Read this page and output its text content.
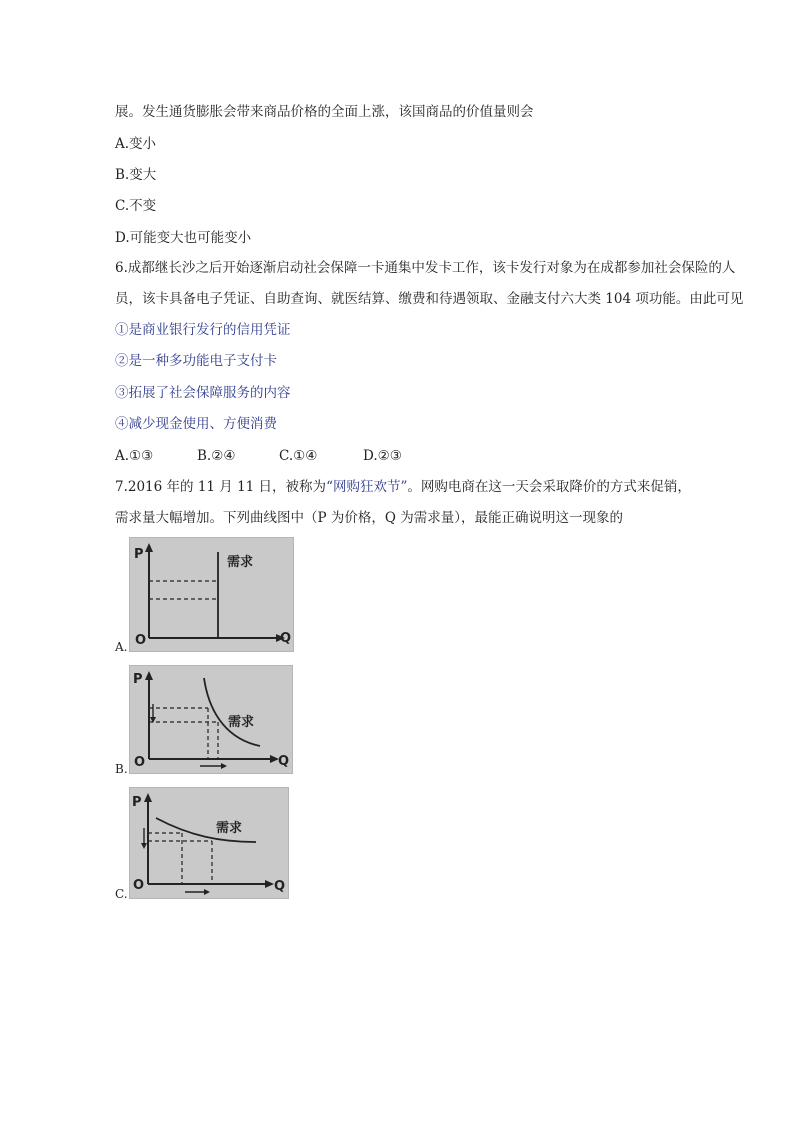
展。发生通货膨胀会带来商品价格的全面上涨，该国商品的价值量则会
A.变小
B.变大
C.不变
D.可能变大也可能变小
6.成都继长沙之后开始逐渐启动社会保障一卡通集中发卡工作，该卡发行对象为在成都参加社会保险的人
员，该卡具备电子凭证、自助查询、就医结算、缴费和待遇领取、金融支付六大类 104 项功能。由此可见
①是商业银行发行的信用凭证
②是一种多功能电子支付卡
③拓展了社会保障服务的内容
④减少现金使用、方便消费
A.①③	B.②④	C.①④	D.②③
7.2016 年的 11 月 11 日，被称为“网购狂欢节”。网购电商在这一天会采取降价的方式来促销，
需求量大幅增加。下列曲线图中（P 为价格，Q 为需求量），最能正确说明这一现象的
P
Q
O
需求
A.
P
Q
O
需求
B.
P
Q
O
需求
C.
